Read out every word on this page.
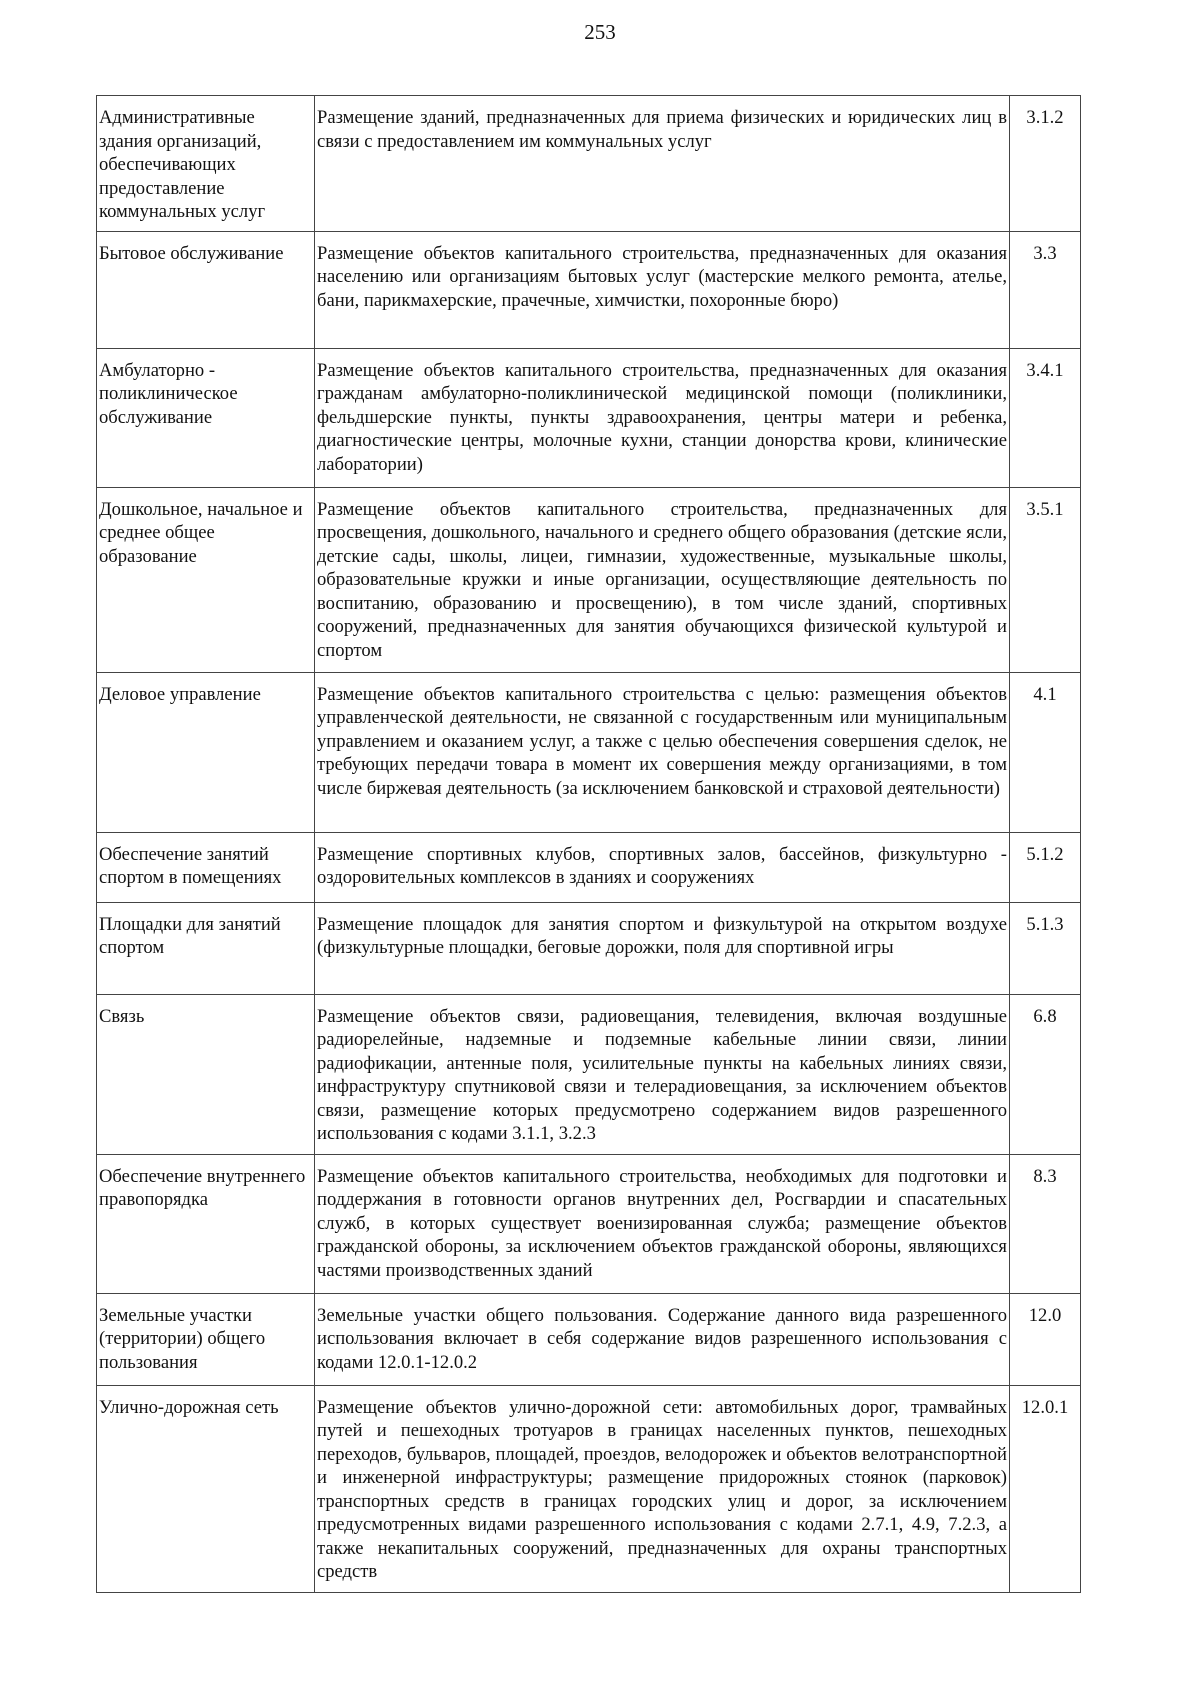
253
Административные здания организаций, обеспечивающих предоставление коммунальных услуг	Размещение зданий, предназначенных для приема физических и юридических лиц в связи с предоставлением им коммунальных услуг	3.1.2
Бытовое обслуживание	Размещение объектов капитального строительства, предназначенных для оказания населению или организациям бытовых услуг (мастерские мелкого ремонта, ателье, бани, парикмахерские, прачечные, химчистки, похоронные бюро)	3.3
Амбулаторно - поликлиническое обслуживание	Размещение объектов капитального строительства, предназначенных для оказания гражданам амбулаторно-поликлинической медицинской помощи (поликлиники, фельдшерские пункты, пункты здравоохранения, центры матери и ребенка, диагностические центры, молочные кухни, станции донорства крови, клинические лаборатории)	3.4.1
Дошкольное, начальное и среднее общее образование	Размещение объектов капитального строительства, предназначенных для просвещения, дошкольного, начального и среднего общего образования (детские ясли, детские сады, школы, лицеи, гимназии, художественные, музыкальные школы, образовательные кружки и иные организации, осуществляющие деятельность по воспитанию, образованию и просвещению), в том числе зданий, спортивных сооружений, предназначенных для занятия обучающихся физической культурой и спортом	3.5.1
Деловое управление	Размещение объектов капитального строительства с целью: размещения объектов управленческой деятельности, не связанной с государственным или муниципальным управлением и оказанием услуг, а также с целью обеспечения совершения сделок, не требующих передачи товара в момент их совершения между организациями, в том числе биржевая деятельность (за исключением банковской и страховой деятельности)	4.1
Обеспечение занятий спортом в помещениях	Размещение спортивных клубов, спортивных залов, бассейнов, физкультурно - оздоровительных комплексов в зданиях и сооружениях	5.1.2
Площадки для занятий спортом	Размещение площадок для занятия спортом и физкультурой на открытом воздухе (физкультурные площадки, беговые дорожки, поля для спортивной игры	5.1.3
Связь	Размещение объектов связи, радиовещания, телевидения, включая воздушные радиорелейные, надземные и подземные кабельные линии связи, линии радиофикации, антенные поля, усилительные пункты на кабельных линиях связи, инфраструктуру спутниковой связи и телерадиовещания, за исключением объектов связи, размещение которых предусмотрено содержанием видов разрешенного использования с кодами 3.1.1, 3.2.3	6.8
Обеспечение внутреннего правопорядка	Размещение объектов капитального строительства, необходимых для подготовки и поддержания в готовности органов внутренних дел, Росгвардии и спасательных служб, в которых существует военизированная служба; размещение объектов гражданской обороны, за исключением объектов гражданской обороны, являющихся частями производственных зданий	8.3
Земельные участки (территории) общего пользования	Земельные участки общего пользования. Содержание данного вида разрешенного использования включает в себя содержание видов разрешенного использования с кодами 12.0.1-12.0.2	12.0
Улично-дорожная сеть	Размещение объектов улично-дорожной сети: автомобильных дорог, трамвайных путей и пешеходных тротуаров в границах населенных пунктов, пешеходных переходов, бульваров, площадей, проездов, велодорожек и объектов велотранспортной и инженерной инфраструктуры; размещение придорожных стоянок (парковок) транспортных средств в границах городских улиц и дорог, за исключением предусмотренных видами разрешенного использования с кодами 2.7.1, 4.9, 7.2.3, а также некапитальных сооружений, предназначенных для охраны транспортных средств	12.0.1
